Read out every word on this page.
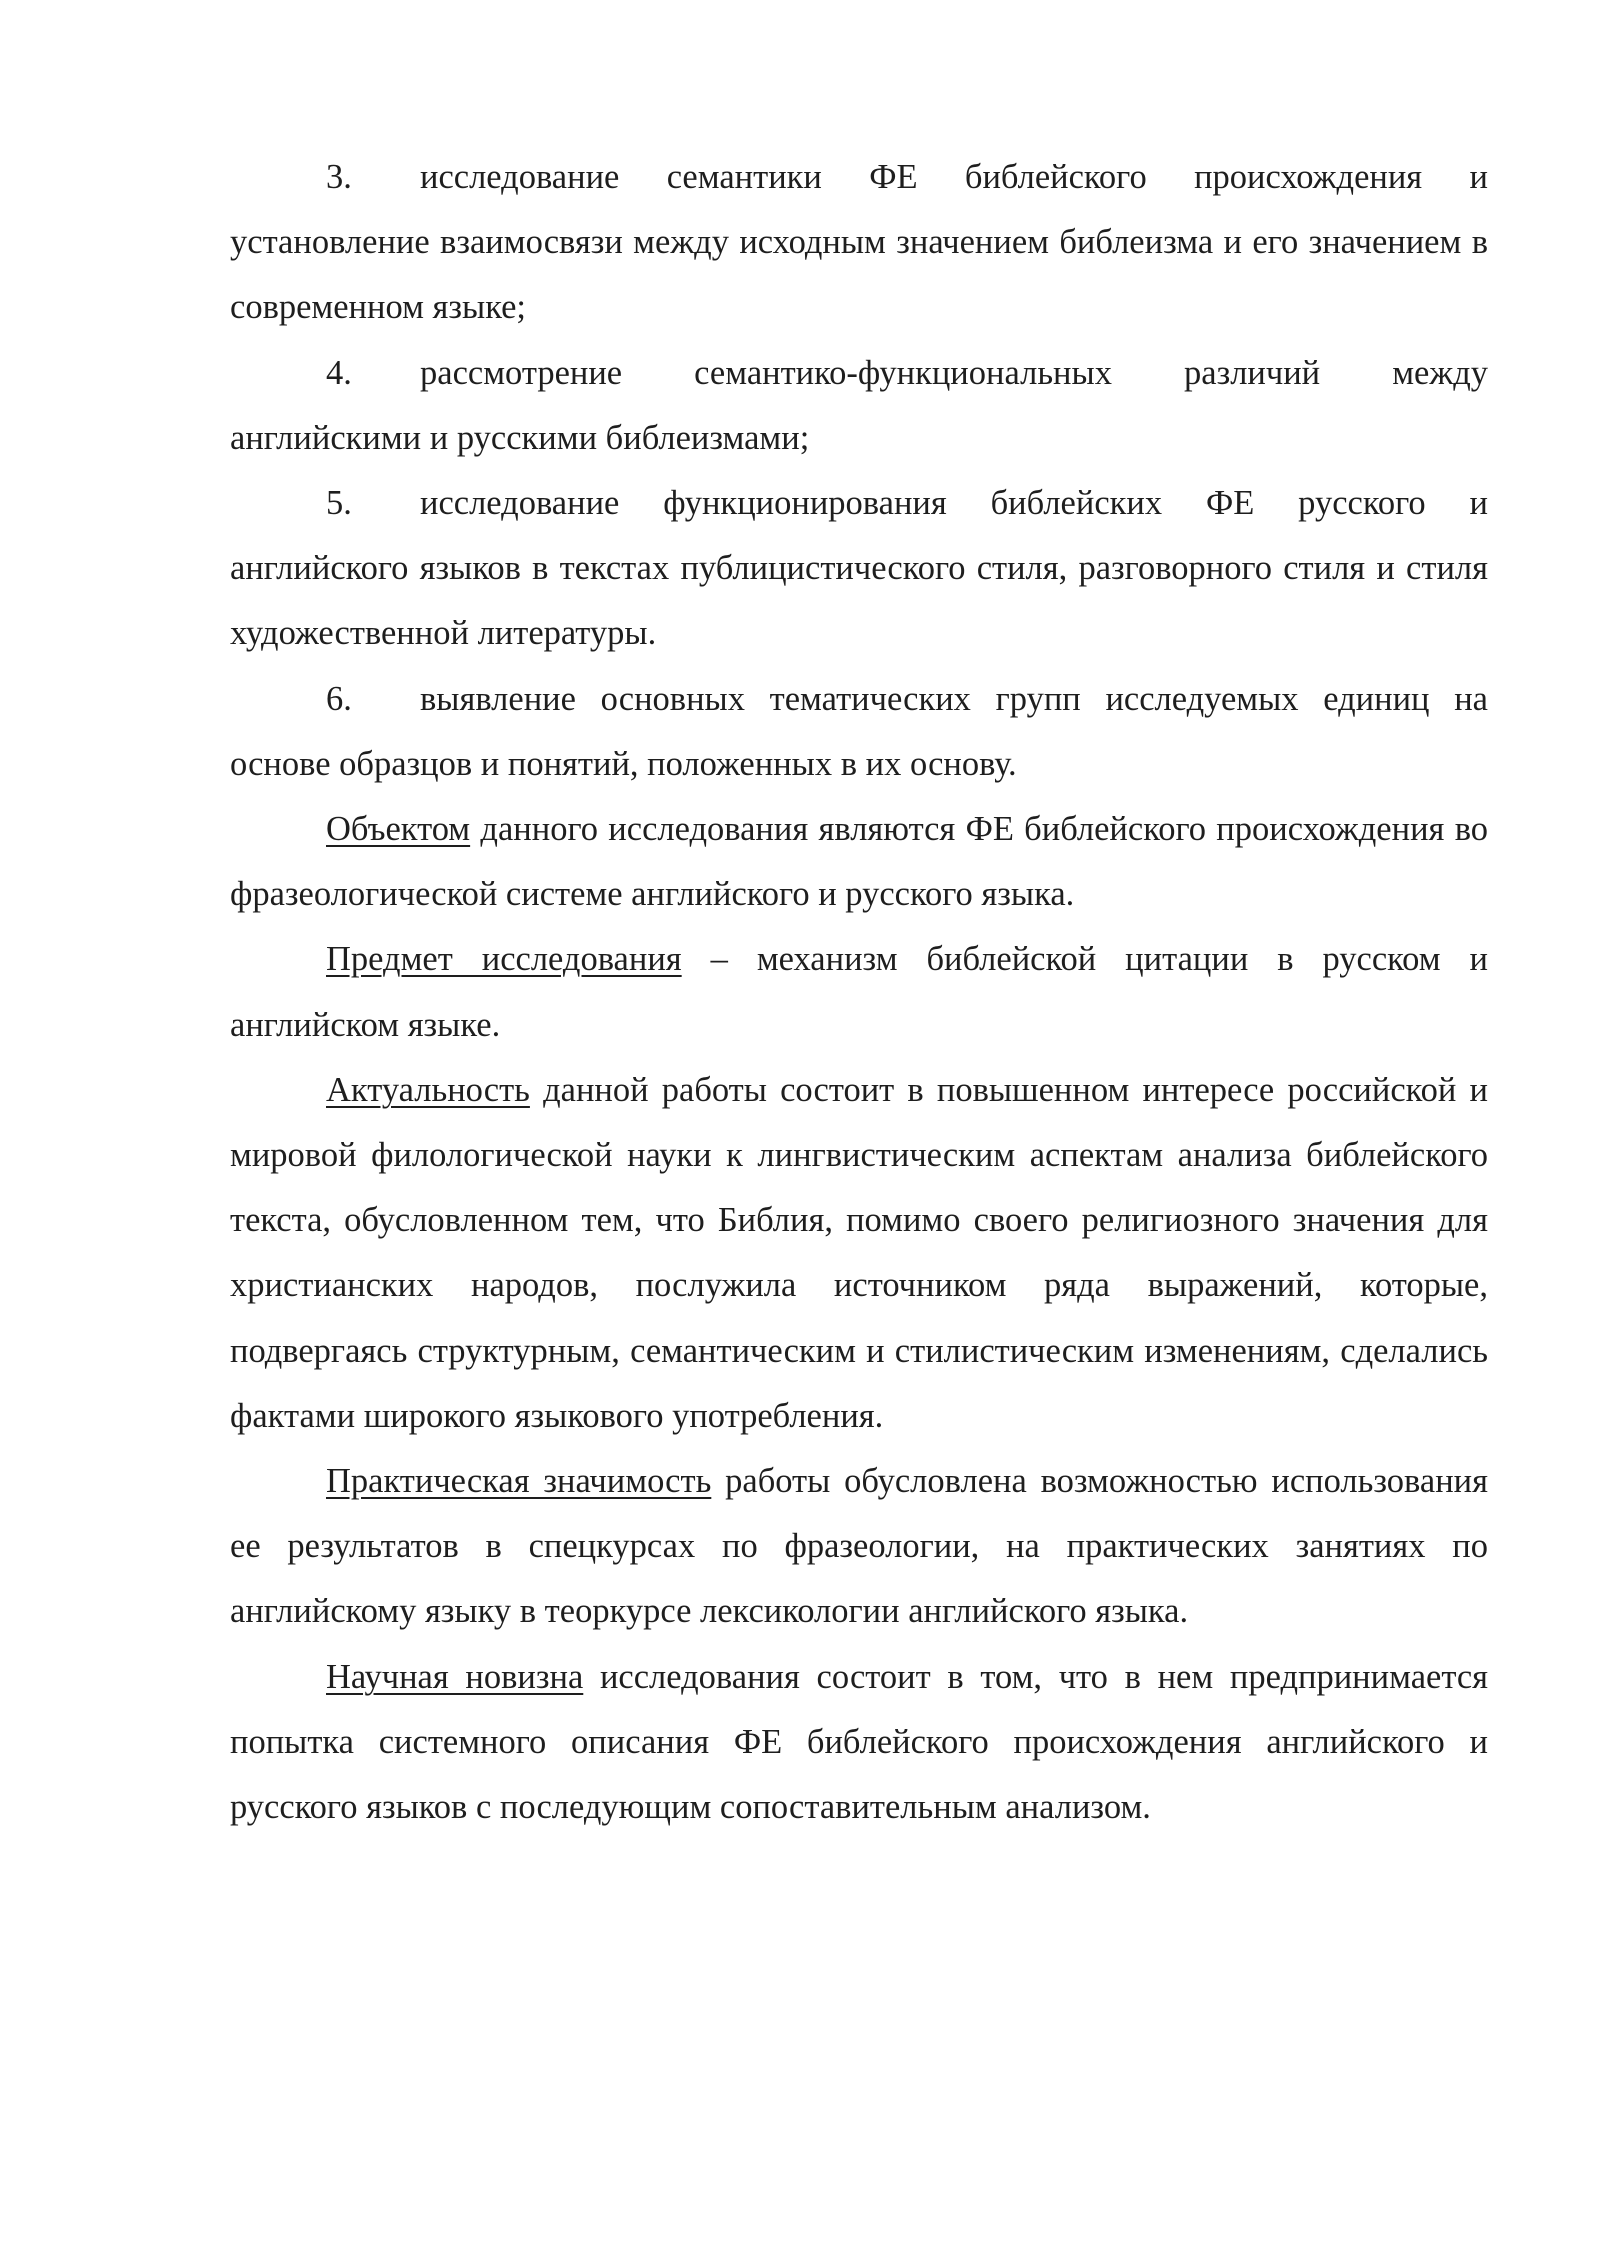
3. исследование семантики ФЕ библейского происхождения и установление взаимосвязи между исходным значением библеизма и его значением в современном языке;

4. рассмотрение семантико-функциональных различий между английскими и русскими библеизмами;

5. исследование функционирования библейских ФЕ русского и английского языков в текстах публицистического стиля, разговорного стиля и стиля художественной литературы.

6. выявление основных тематических групп исследуемых единиц на основе образцов и понятий, положенных в их основу.

Объектом данного исследования являются ФЕ библейского происхождения во фразеологической системе английского и русского языка.

Предмет исследования – механизм библейской цитации в русском и английском языке.

Актуальность данной работы состоит в повышенном интересе российской и мировой филологической науки к лингвистическим аспектам анализа библейского текста, обусловленном тем, что Библия, помимо своего религиозного значения для христианских народов, послужила источником ряда выражений, которые, подвергаясь структурным, семантическим и стилистическим изменениям, сделались фактами широкого языкового употребления.

Практическая значимость работы обусловлена возможностью использования ее результатов в спецкурсах по фразеологии, на практических занятиях по английскому языку в теоркурсе лексикологии английского языка.

Научная новизна исследования состоит в том, что в нем предпринимается попытка системного описания ФЕ библейского происхождения английского и русского языков с последующим сопоставительным анализом.
